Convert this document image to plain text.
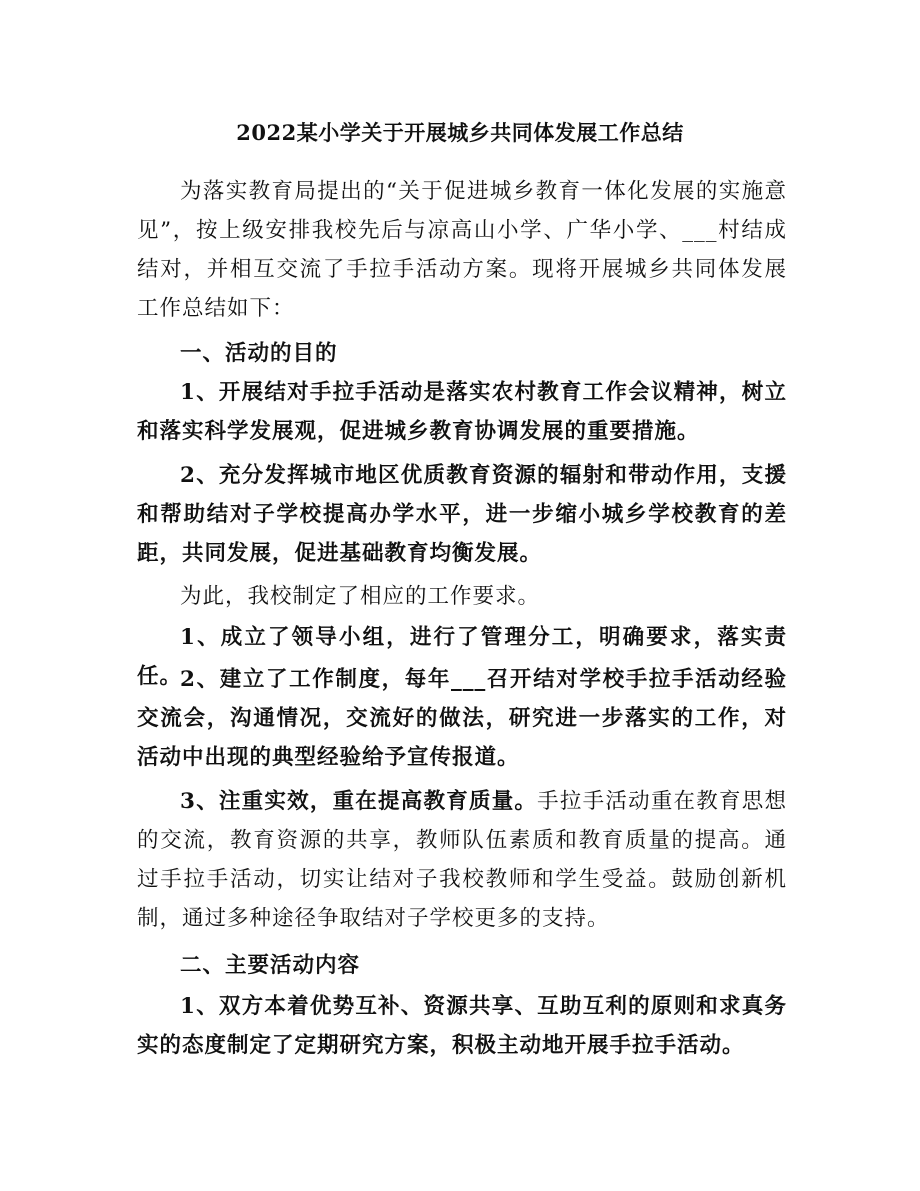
2022某小学关于开展城乡共同体发展工作总结

为落实教育局提出的“关于促进城乡教育一体化发展的实施意见”，按上级安排我校先后与凉高山小学、广华小学、___村结成结对，并相互交流了手拉手活动方案。现将开展城乡共同体发展工作总结如下：

一、活动的目的

1、开展结对手拉手活动是落实农村教育工作会议精神，树立和落实科学发展观，促进城乡教育协调发展的重要措施。

2、充分发挥城市地区优质教育资源的辐射和带动作用，支援和帮助结对子学校提高办学水平，进一步缩小城乡学校教育的差距，共同发展，促进基础教育均衡发展。

为此，我校制定了相应的工作要求。

1、成立了领导小组，进行了管理分工，明确要求，落实责任。

2、建立了工作制度，每年___召开结对学校手拉手活动经验交流会，沟通情况，交流好的做法，研究进一步落实的工作，对活动中出现的典型经验给予宣传报道。

3、注重实效，重在提高教育质量。手拉手活动重在教育思想的交流，教育资源的共享，教师队伍素质和教育质量的提高。通过手拉手活动，切实让结对子我校教师和学生受益。鼓励创新机制，通过多种途径争取结对子学校更多的支持。

二、主要活动内容

1、双方本着优势互补、资源共享、互助互利的原则和求真务实的态度制定了定期研究方案，积极主动地开展手拉手活动。
